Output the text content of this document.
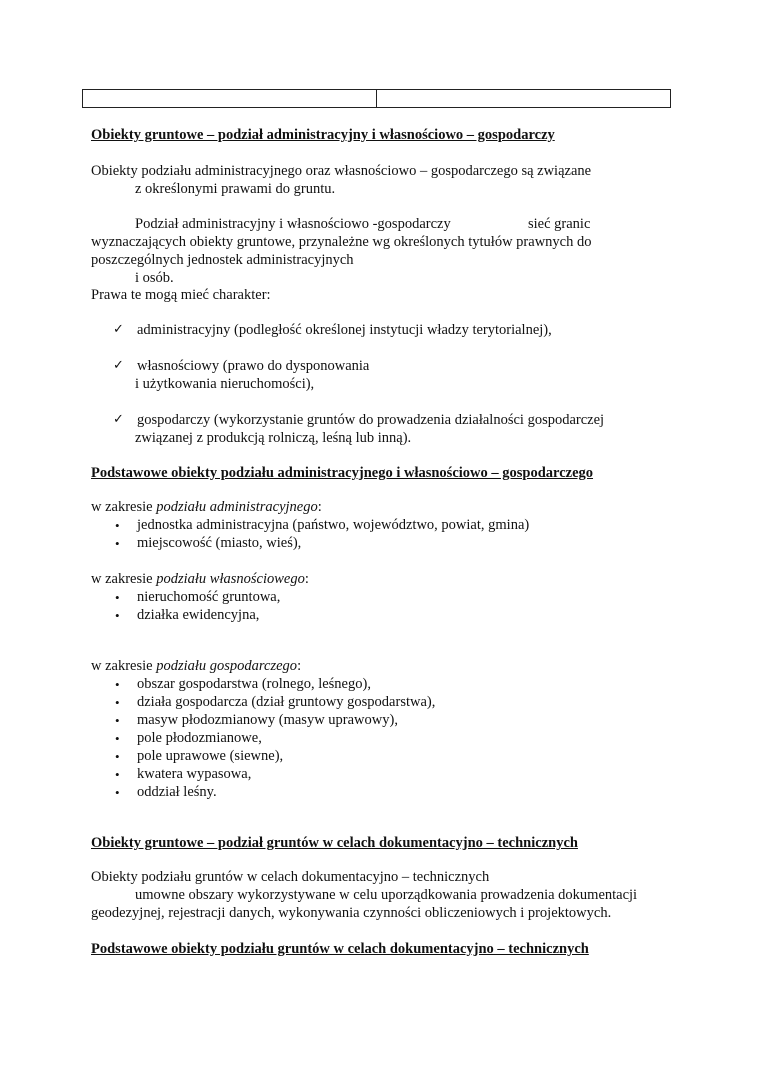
Obiekty gruntowe – podział administracyjny i własnościowo – gospodarczy
Obiekty podziału administracyjnego oraz własnościowo – gospodarczego są związane
z określonymi prawami do gruntu.
Podział administracyjny i własnościowo -gospodarczy	sieć granic
wyznaczających obiekty gruntowe, przynależne wg określonych tytułów prawnych do
poszczególnych jednostek administracyjnych
i osób.
Prawa te mogą mieć charakter:
✓ administracyjny (podległość określonej instytucji władzy terytorialnej),
✓ własnościowy (prawo do dysponowania
i użytkowania nieruchomości),
✓ gospodarczy (wykorzystanie gruntów do prowadzenia działalności gospodarczej
związanej z produkcją rolniczą, leśną lub inną).
Podstawowe obiekty podziału administracyjnego i własnościowo – gospodarczego
w zakresie podziału administracyjnego:
• jednostka administracyjna (państwo, województwo, powiat, gmina)
• miejscowość (miasto, wieś),
w zakresie podziału własnościowego:
• nieruchomość gruntowa,
• działka ewidencyjna,
w zakresie podziału gospodarczego:
• obszar gospodarstwa (rolnego, leśnego),
• działa gospodarcza (dział gruntowy gospodarstwa),
• masyw płodozmianowy (masyw uprawowy),
• pole płodozmianowe,
• pole uprawowe (siewne),
• kwatera wypasowa,
• oddział leśny.
Obiekty gruntowe – podział gruntów w celach dokumentacyjno – technicznych
Obiekty podziału gruntów w celach dokumentacyjno – technicznych
umowne obszary wykorzystywane w celu uporządkowania prowadzenia dokumentacji
geodezyjnej, rejestracji danych, wykonywania czynności obliczeniowych i projektowych.
Podstawowe obiekty podziału gruntów w celach dokumentacyjno – technicznych
